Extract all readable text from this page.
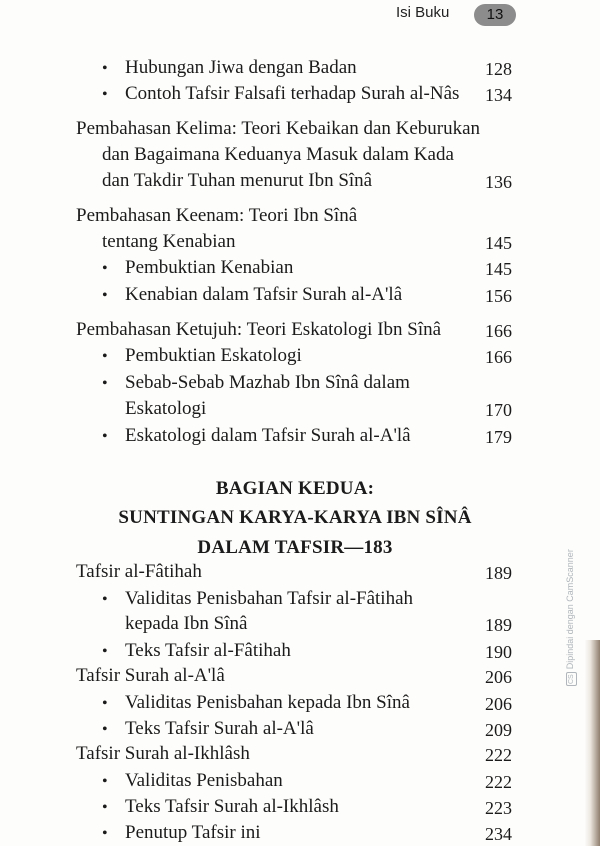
Isi Buku	13
• Hubungan Jiwa dengan Badan	128
• Contoh Tafsir Falsafi terhadap Surah al-Nâs	134
Pembahasan Kelima: Teori Kebaikan dan Keburukan
dan Bagaimana Keduanya Masuk dalam Kada
dan Takdir Tuhan menurut Ibn Sînâ	136
Pembahasan Keenam: Teori Ibn Sînâ
tentang Kenabian	145
• Pembuktian Kenabian	145
• Kenabian dalam Tafsir Surah al-A'lâ	156
Pembahasan Ketujuh: Teori Eskatologi Ibn Sînâ	166
• Pembuktian Eskatologi	166
• Sebab-Sebab Mazhab Ibn Sînâ dalam
Eskatologi	170
• Eskatologi dalam Tafsir Surah al-A'lâ	179
BAGIAN KEDUA:
SUNTINGAN KARYA-KARYA IBN SÎNÂ
DALAM TAFSIR—183
Tafsir al-Fâtihah	189
• Validitas Penisbahan Tafsir al-Fâtihah
kepada Ibn Sînâ	189
• Teks Tafsir al-Fâtihah	190
Tafsir Surah al-A'lâ	206
• Validitas Penisbahan kepada Ibn Sînâ	206
• Teks Tafsir Surah al-A'lâ	209
Tafsir Surah al-Ikhlâsh	222
• Validitas Penisbahan	222
• Teks Tafsir Surah al-Ikhlâsh	223
• Penutup Tafsir ini	234
CSDipindai dengan CamScanner
